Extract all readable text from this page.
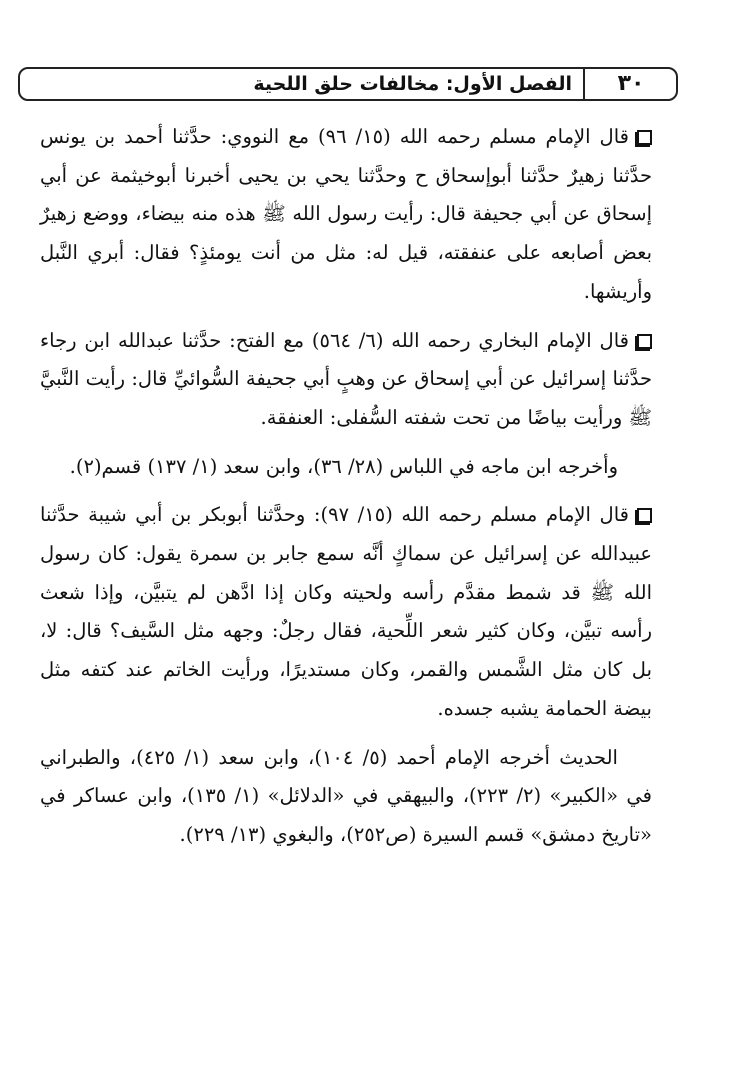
٣٠
الفصل الأول: مخالفات حلق اللحية

قال الإمام مسلم رحمه الله (١٥/ ٩٦) مع النووي: حدَّثنا أحمد بن يونس حدَّثنا زهيرٌ حدَّثنا أبوإسحاق ح وحدَّثنا يحي بن يحيى أخبرنا أبوخيثمة عن أبي إسحاق عن أبي جحيفة قال: رأيت رسول الله ﷺ هذه منه بيضاء، ووضع زهيرٌ بعض أصابعه على عنفقته، قيل له: مثل من أنت يومئذٍ؟ فقال: أبري النَّبل وأريشها.

قال الإمام البخاري رحمه الله (٦/ ٥٦٤) مع الفتح: حدَّثنا عبدالله ابن رجاء حدَّثنا إسرائيل عن أبي إسحاق عن وهبٍ أبي جحيفة السُّوائيِّ قال: رأيت النَّبيَّ ﷺ ورأيت بياضًا من تحت شفته السُّفلى: العنفقة.

وأخرجه ابن ماجه في اللباس (٢٨/ ٣٦)، وابن سعد (١/ ١٣٧) قسم(٢).

قال الإمام مسلم رحمه الله (١٥/ ٩٧): وحدَّثنا أبوبكر بن أبي شيبة حدَّثنا عبيدالله عن إسرائيل عن سماكٍ أنَّه سمع جابر بن سمرة يقول: كان رسول الله ﷺ قد شمط مقدَّم رأسه ولحيته وكان إذا ادَّهن لم يتبيَّن، وإذا شعث رأسه تبيَّن، وكان كثير شعر اللِّحية، فقال رجلٌ: وجهه مثل السَّيف؟ قال: لا، بل كان مثل الشَّمس والقمر، وكان مستديرًا، ورأيت الخاتم عند كتفه مثل بيضة الحمامة يشبه جسده.

الحديث أخرجه الإمام أحمد (٥/ ١٠٤)، وابن سعد (١/ ٤٢٥)، والطبراني في «الكبير» (٢/ ٢٢٣)، والبيهقي في «الدلائل» (١/ ١٣٥)، وابن عساكر في «تاريخ دمشق» قسم السيرة (ص٢٥٢)، والبغوي (١٣/ ٢٢٩).
